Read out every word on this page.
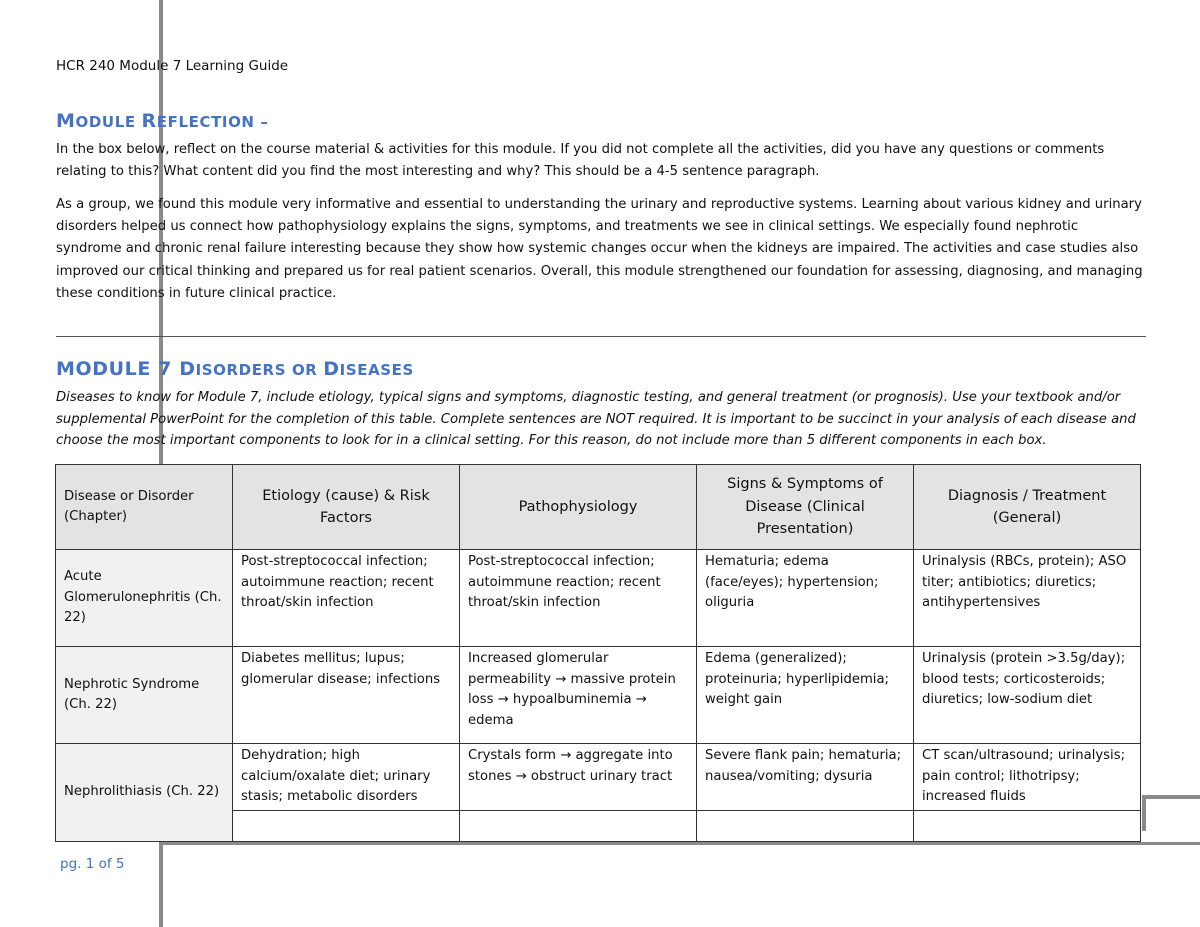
HCR 240 Module 7 Learning Guide
MODULE REFLECTION –
In the box below, reflect on the course material & activities for this module. If you did not complete all the activities, did you have any questions or comments relating to this? What content did you find the most interesting and why? This should be a 4-5 sentence paragraph.
As a group, we found this module very informative and essential to understanding the urinary and reproductive systems. Learning about various kidney and urinary disorders helped us connect how pathophysiology explains the signs, symptoms, and treatments we see in clinical settings. We especially found nephrotic syndrome and chronic renal failure interesting because they show how systemic changes occur when the kidneys are impaired. The activities and case studies also improved our critical thinking and prepared us for real patient scenarios. Overall, this module strengthened our foundation for assessing, diagnosing, and managing these conditions in future clinical practice.
MODULE 7 DISORDERS OR DISEASES
Diseases to know for Module 7, include etiology, typical signs and symptoms, diagnostic testing, and general treatment (or prognosis). Use your textbook and/or supplemental PowerPoint for the completion of this table. Complete sentences are NOT required. It is important to be succinct in your analysis of each disease and choose the most important components to look for in a clinical setting. For this reason, do not include more than 5 different components in each box.
Disease or Disorder (Chapter)	Etiology (cause) & Risk Factors	Pathophysiology	Signs & Symptoms of Disease (Clinical Presentation)	Diagnosis / Treatment (General)
Acute Glomerulonephritis (Ch. 22)	Post-streptococcal infection; autoimmune reaction; recent throat/skin infection	Post-streptococcal infection; autoimmune reaction; recent throat/skin infection	Hematuria; edema (face/eyes); hypertension; oliguria	Urinalysis (RBCs, protein); ASO titer; antibiotics; diuretics; antihypertensives
Nephrotic Syndrome (Ch. 22)	Diabetes mellitus; lupus; glomerular disease; infections	Increased glomerular permeability → massive protein loss → hypoalbuminemia → edema	Edema (generalized); proteinuria; hyperlipidemia; weight gain	Urinalysis (protein >3.5g/day); blood tests; corticosteroids; diuretics; low-sodium diet
Nephrolithiasis (Ch. 22)	Dehydration; high calcium/oxalate diet; urinary stasis; metabolic disorders	Crystals form → aggregate into stones → obstruct urinary tract	Severe flank pain; hematuria; nausea/vomiting; dysuria	CT scan/ultrasound; urinalysis; pain control; lithotripsy; increased fluids

pg. 1 of 5
